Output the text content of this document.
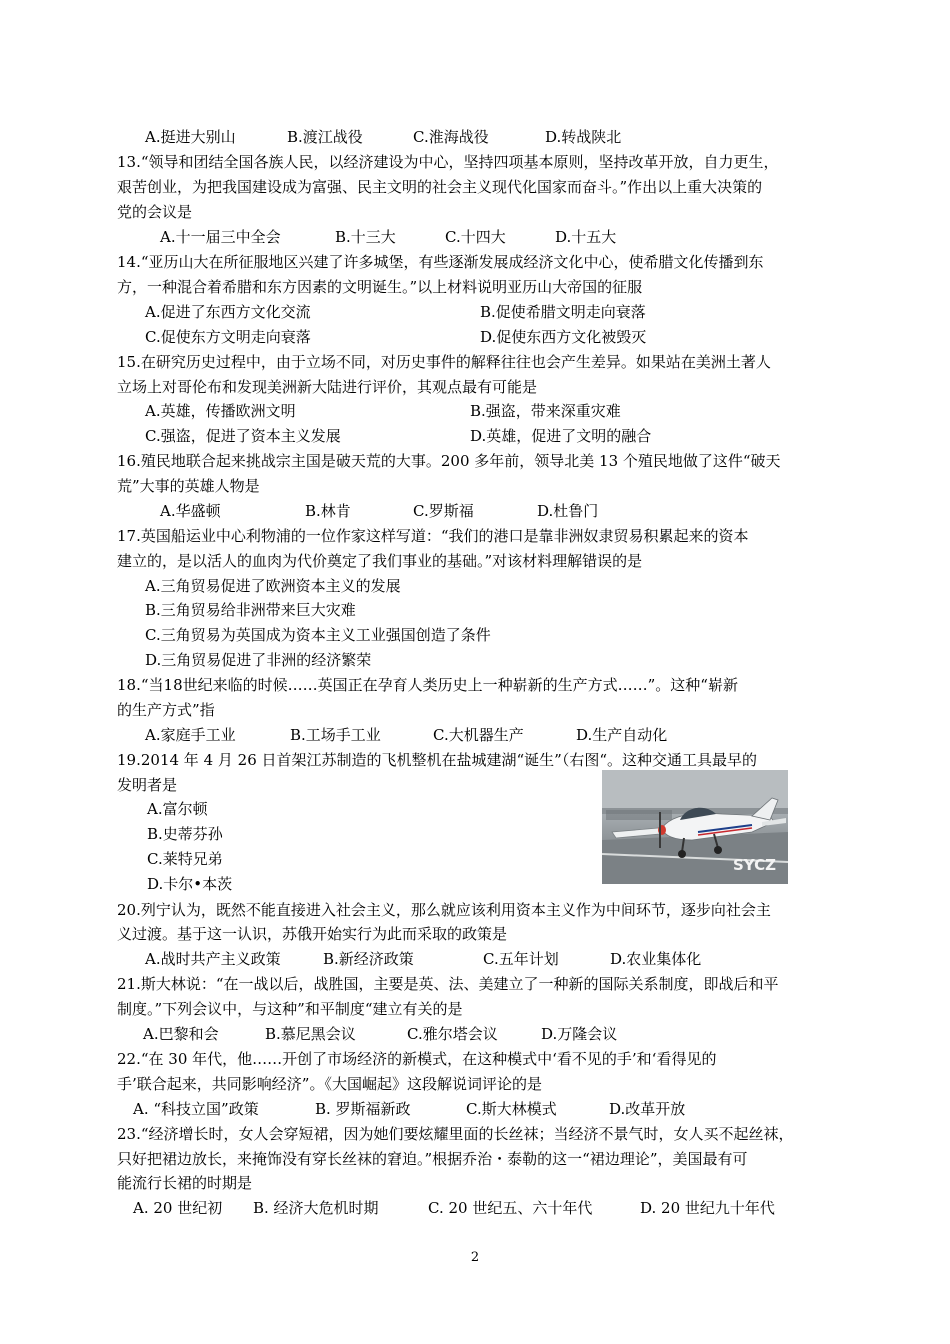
A.挺进大别山	B.渡江战役	C.淮海战役	D.转战陕北
13.“领导和团结全国各族人民，以经济建设为中心，坚持四项基本原则，坚持改革开放，自力更生，
艰苦创业，为把我国建设成为富强、民主文明的社会主义现代化国家而奋斗。”作出以上重大决策的
党的会议是
A.十一届三中全会	B.十三大	C.十四大	D.十五大
14.“亚历山大在所征服地区兴建了许多城堡，有些逐渐发展成经济文化中心，使希腊文化传播到东
方，一种混合着希腊和东方因素的文明诞生。”以上材料说明亚历山大帝国的征服
A.促进了东西方文化交流	B.促使希腊文明走向衰落
C.促使东方文明走向衰落	D.促使东西方文化被毁灭
15.在研究历史过程中，由于立场不同，对历史事件的解释往往也会产生差异。如果站在美洲土著人
立场上对哥伦布和发现美洲新大陆进行评价，其观点最有可能是
A.英雄，传播欧洲文明	B.强盗，带来深重灾难
C.强盗，促进了资本主义发展	D.英雄，促进了文明的融合
16.殖民地联合起来挑战宗主国是破天荒的大事。200 多年前，领导北美 13 个殖民地做了这件“破天
荒”大事的英雄人物是
A.华盛顿	B.林肯	C.罗斯福	D.杜鲁门
17.英国船运业中心利物浦的一位作家这样写道：“我们的港口是靠非洲奴隶贸易积累起来的资本
建立的，是以活人的血肉为代价奠定了我们事业的基础。”对该材料理解错误的是
A.三角贸易促进了欧洲资本主义的发展
B.三角贸易给非洲带来巨大灾难
C.三角贸易为英国成为资本主义工业强国创造了条件
D.三角贸易促进了非洲的经济繁荣
18.“当18世纪来临的时候……英国正在孕育人类历史上一种崭新的生产方式……”。这种“崭新
的生产方式”指
A.家庭手工业	B.工场手工业	C.大机器生产	D.生产自动化
19.2014 年 4 月 26 日首架江苏制造的飞机整机在盐城建湖“诞生”（右图“。这种交通工具最早的
发明者是
A.富尔顿
B.史蒂芬孙
C.莱特兄弟
D.卡尔•本茨
SYCZ
20.列宁认为，既然不能直接进入社会主义，那么就应该利用资本主义作为中间环节，逐步向社会主
义过渡。基于这一认识，苏俄开始实行为此而采取的政策是
A.战时共产主义政策	B.新经济政策	C.五年计划	D.农业集体化
21.斯大林说：“在一战以后，战胜国，主要是英、法、美建立了一种新的国际关系制度，即战后和平
制度。”下列会议中，与这种”和平制度“建立有关的是
A.巴黎和会	B.慕尼黑会议	C.雅尔塔会议	D.万隆会议
22.“在 30 年代，他……开创了市场经济的新模式，在这种模式中‘看不见的手’和‘看得见的
手’联合起来，共同影响经济”。《大国崛起》这段解说词评论的是
A. “科技立国”政策	B. 罗斯福新政	C.斯大林模式	D.改革开放
23.“经济增长时，女人会穿短裙，因为她们要炫耀里面的长丝袜；当经济不景气时，女人买不起丝袜，
只好把裙边放长，来掩饰没有穿长丝袜的窘迫。”根据乔治・泰勒的这一“裙边理论”，美国最有可
能流行长裙的时期是
A. 20 世纪初 B. 经济大危机时期	C. 20 世纪五、六十年代	D. 20 世纪九十年代
2
